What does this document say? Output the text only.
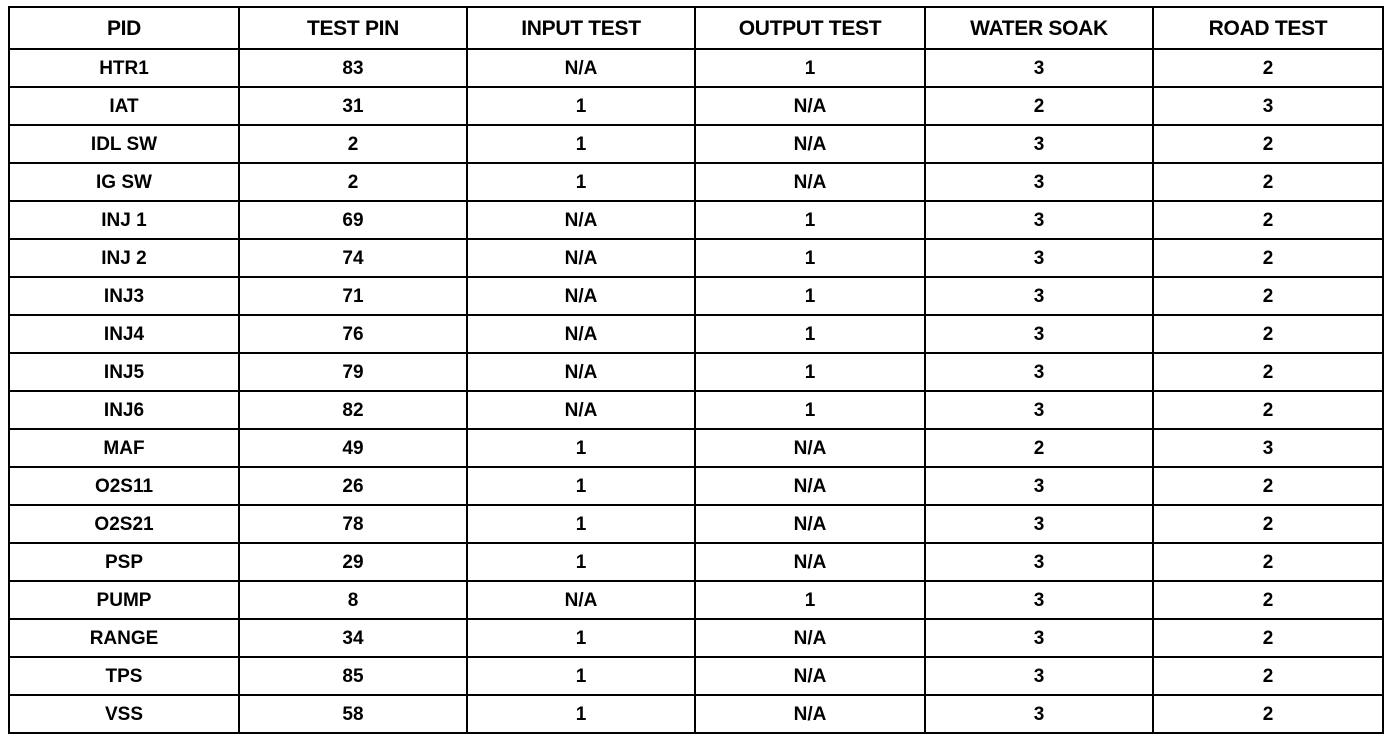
PID	TEST PIN	INPUT TEST	OUTPUT TEST	WATER SOAK	ROAD TEST
HTR1	83	N/A	1	3	2
IAT	31	1	N/A	2	3
IDL SW	2	1	N/A	3	2
IG SW	2	1	N/A	3	2
INJ 1	69	N/A	1	3	2
INJ 2	74	N/A	1	3	2
INJ3	71	N/A	1	3	2
INJ4	76	N/A	1	3	2
INJ5	79	N/A	1	3	2
INJ6	82	N/A	1	3	2
MAF	49	1	N/A	2	3
O2S11	26	1	N/A	3	2
O2S21	78	1	N/A	3	2
PSP	29	1	N/A	3	2
PUMP	8	N/A	1	3	2
RANGE	34	1	N/A	3	2
TPS	85	1	N/A	3	2
VSS	58	1	N/A	3	2
